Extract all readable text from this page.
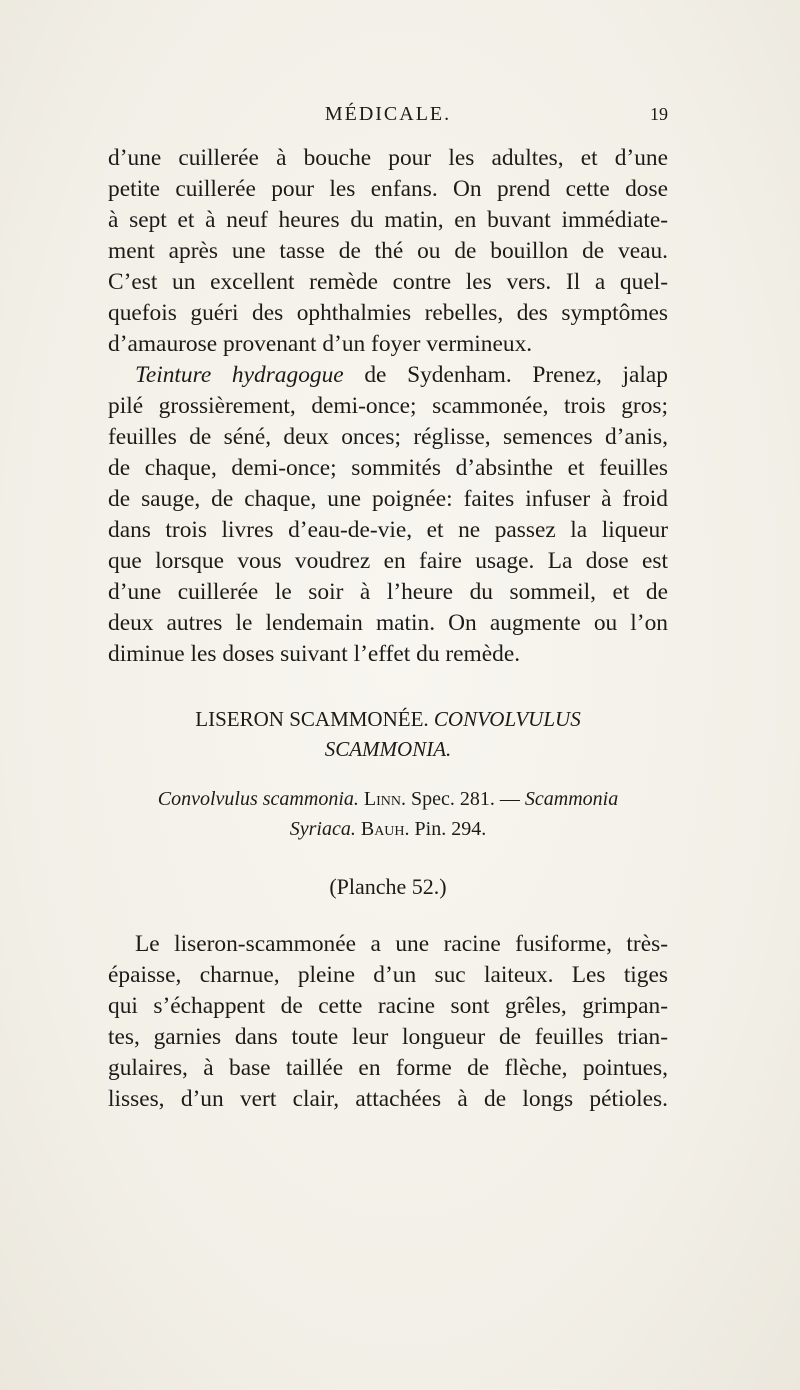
MÉDICALE.	19
d’une cuillerée à bouche pour les adultes, et d’une
petite cuillerée pour les enfans. On prend cette dose
à sept et à neuf heures du matin, en buvant immédiate-
ment après une tasse de thé ou de bouillon de veau.
C’est un excellent remède contre les vers. Il a quel-
quefois guéri des ophthalmies rebelles, des symptômes
d’amaurose provenant d’un foyer vermineux.
Teinture hydragogue de Sydenham. Prenez, jalap
pilé grossièrement, demi-once; scammonée, trois gros;
feuilles de séné, deux onces; réglisse, semences d’anis,
de chaque, demi-once; sommités d’absinthe et feuilles
de sauge, de chaque, une poignée: faites infuser à froid
dans trois livres d’eau-de-vie, et ne passez la liqueur
que lorsque vous voudrez en faire usage. La dose est
d’une cuillerée le soir à l’heure du sommeil, et de
deux autres le lendemain matin. On augmente ou l’on
diminue les doses suivant l’effet du remède.
LISERON SCAMMONÉE. CONVOLVULUS
SCAMMONIA.
Convolvulus scammonia. Linn. Spec. 281. — Scammonia
Syriaca. Bauh. Pin. 294.
(Planche 52.)
Le liseron-scammonée a une racine fusiforme, très-
épaisse, charnue, pleine d’un suc laiteux. Les tiges
qui s’échappent de cette racine sont grêles, grimpan-
tes, garnies dans toute leur longueur de feuilles trian-
gulaires, à base taillée en forme de flèche, pointues,
lisses, d’un vert clair, attachées à de longs pétioles.
